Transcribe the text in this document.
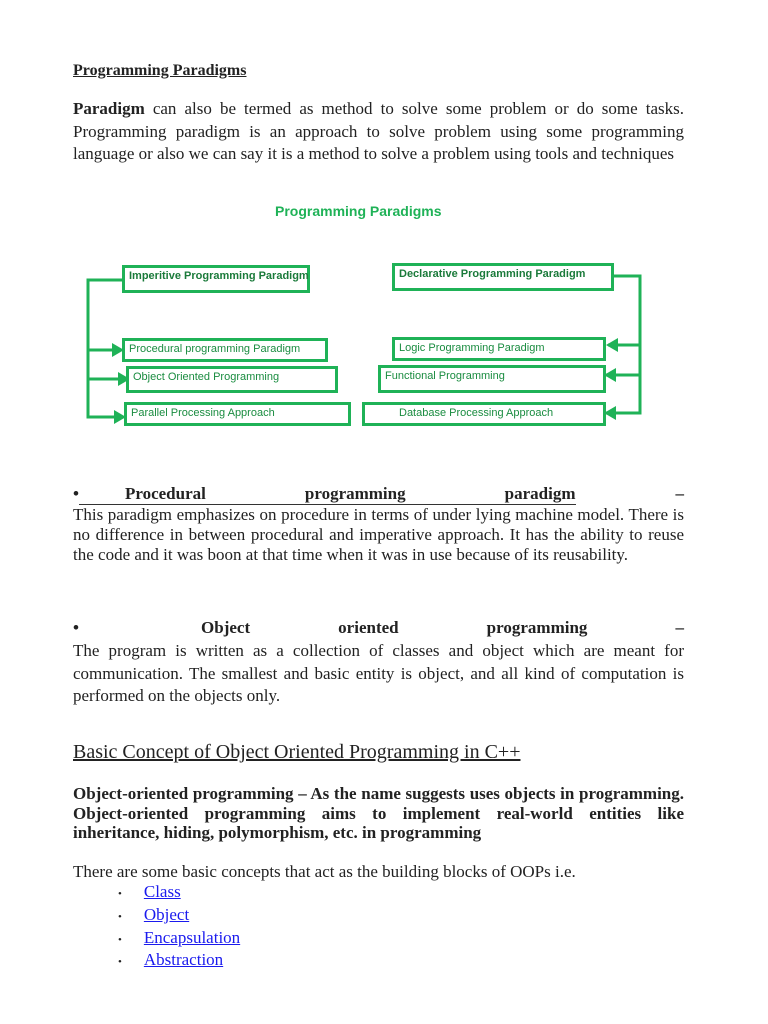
Programming Paradigms
Paradigm can also be termed as method to solve some problem or do some tasks. Programming paradigm is an approach to solve problem using some programming language or also we can say it is a method to solve a problem using tools and techniques
Programming Paradigms
Imperitive Programming Paradigm
Procedural programming Paradigm
Object Oriented Programming
Parallel Processing Approach
Declarative Programming Paradigm
Logic Programming Paradigm
Functional Programming
Database Processing Approach
•	Procedural	programming	paradigm	–
This paradigm emphasizes on procedure in terms of under lying machine model. There is no difference in between procedural and imperative approach. It has the ability to reuse the code and it was boon at that time when it was in use because of its reusability.
•	Object	oriented	programming	–
The program is written as a collection of classes and object which are meant for communication. The smallest and basic entity is object, and all kind of computation is performed on the objects only.
Basic Concept of Object Oriented Programming in C++
Object-oriented programming – As the name suggests uses objects in programming. Object-oriented programming aims to implement real-world entities like inheritance, hiding, polymorphism, etc. in programming
There are some basic concepts that act as the building blocks of OOPs i.e.
•	Class
•	Object
•	Encapsulation
•	Abstraction
